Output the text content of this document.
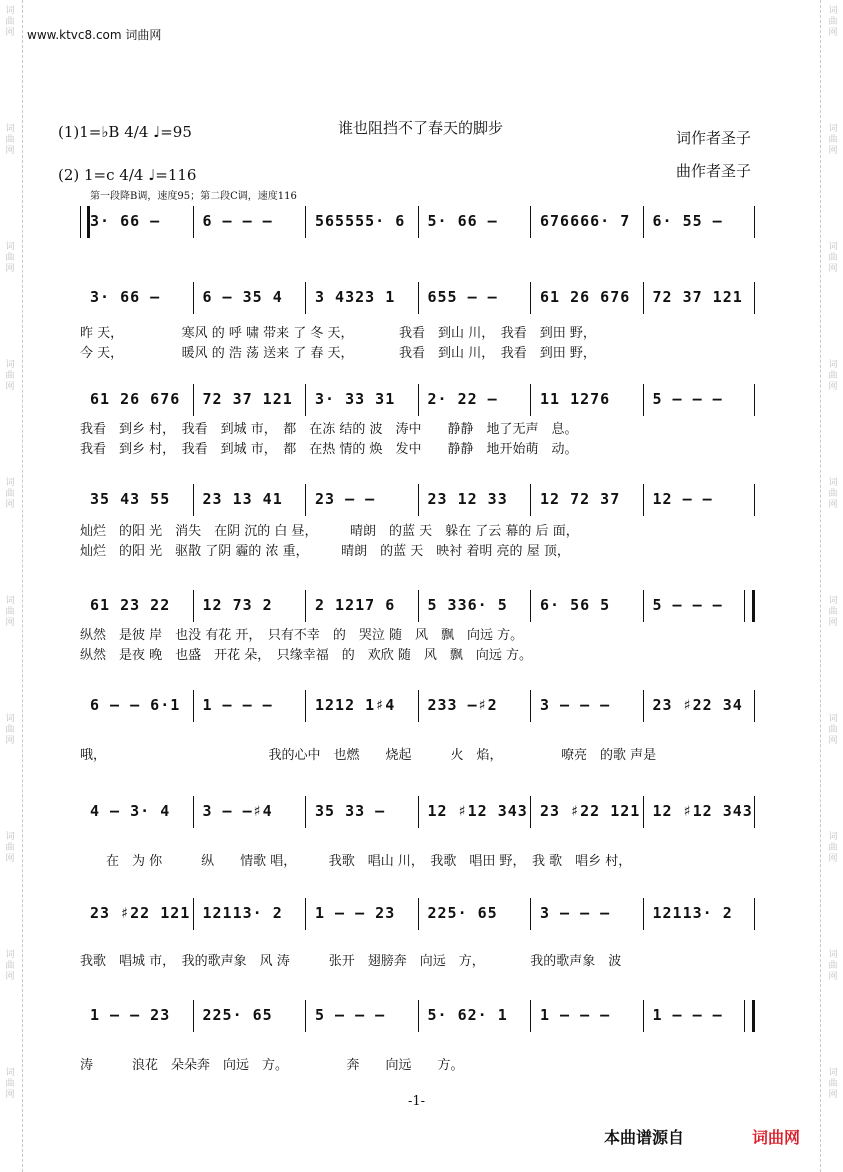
词
曲
网
词
曲
网
词
曲
网
词
曲
网
词
曲
网
词
曲
网
词
曲
网
词
曲
网
词
曲
网
词
曲
网
词
曲
网
词
曲
网
词
曲
网
词
曲
网
词
曲
网
词
曲
网
词
曲
网
词
曲
网
词
曲
网
词
曲
网
www.ktvc8.com 词曲网
谁也阻挡不了春天的脚步
(1)1=♭B 4/4 ♩=95
(2) 1=c 4/4 ♩=116
词作者圣子
曲作者圣子
第一段降B调，速度95；第二段C调，速度116
3· 66 —	6 — — —	565555· 6 5· 66 —	676666· 7 6· 55 —
3· 66 —	6 — 35 4 3 4323 1 655 — —	61 26 676 72 37 121
昨 天，　　　　　寒风 的 呼 啸 带来 了 冬 天，　　　　我看　到山 川，　我看　到田 野，
今 天，　　　　　暖风 的 浩 荡 送来 了 春 天，　　　　我看　到山 川，　我看　到田 野，
61 26 676 72 37 121 3· 33 31 2· 22 —	11 1276	5 — — —
我看　到乡 村，　我看　到城 市，　都　在冻 结的 波　涛中　　静静　地了无声　息。
我看　到乡 村，　我看　到城 市，　都　在热 情的 焕　发中　　静静　地开始萌　动。
35 43 55 23 13 41 23 — —	23 12 33 12 72 37 12 — —
灿烂　的阳 光　消失　在阴 沉的 白 昼，　　　晴朗　的蓝 天　躲在 了云 幕的 后 面，
灿烂　的阳 光　驱散 了阴 霾的 浓 重，　　　晴朗　的蓝 天　映衬 着明 亮的 屋 顶，
61 23 22 12 73 2	2 1217 6 5 336· 5 6· 56 5	5 — — —
纵然　是彼 岸　也没 有花 开，　只有不幸　的　哭泣 随　风　飘　向远 方。
纵然　是夜 晚　也盛　开花 朵，　只缘幸福　的　欢欣 随　风　飘　向远 方。
6 — — 6·1 1 — — —	1212 1♯4 233 —♯2	3 — — —	23 ♯22 34
哦，　　　　　　　　　　　　　我的心中　也燃　　烧起　　　火　焰，　　　　　嘹亮　的歌 声是
4 — 3· 4 3 — —♯4	35 33 —	12 ♯12 343 23 ♯22 121 12 ♯12 343
　　在　为 你　　　纵　　情歌 唱，　　　我歌　唱山 川，　我歌　唱田 野，　我 歌　唱乡 村，
23 ♯22 121 12113· 2 1 — — 23 225· 65	3 — — —	12113· 2
我歌　唱城 市，　我的歌声象　风 涛　　　张开　翅膀奔　向远　方，　　　　我的歌声象　波
1 — — 23 225· 65	5 — — —	5· 62· 1 1 — — —	1 — — —
涛　　　浪花　朵朵奔　向远　方。　　　　　奔　　向远　　方。
-1-
本曲谱源自	词曲网
